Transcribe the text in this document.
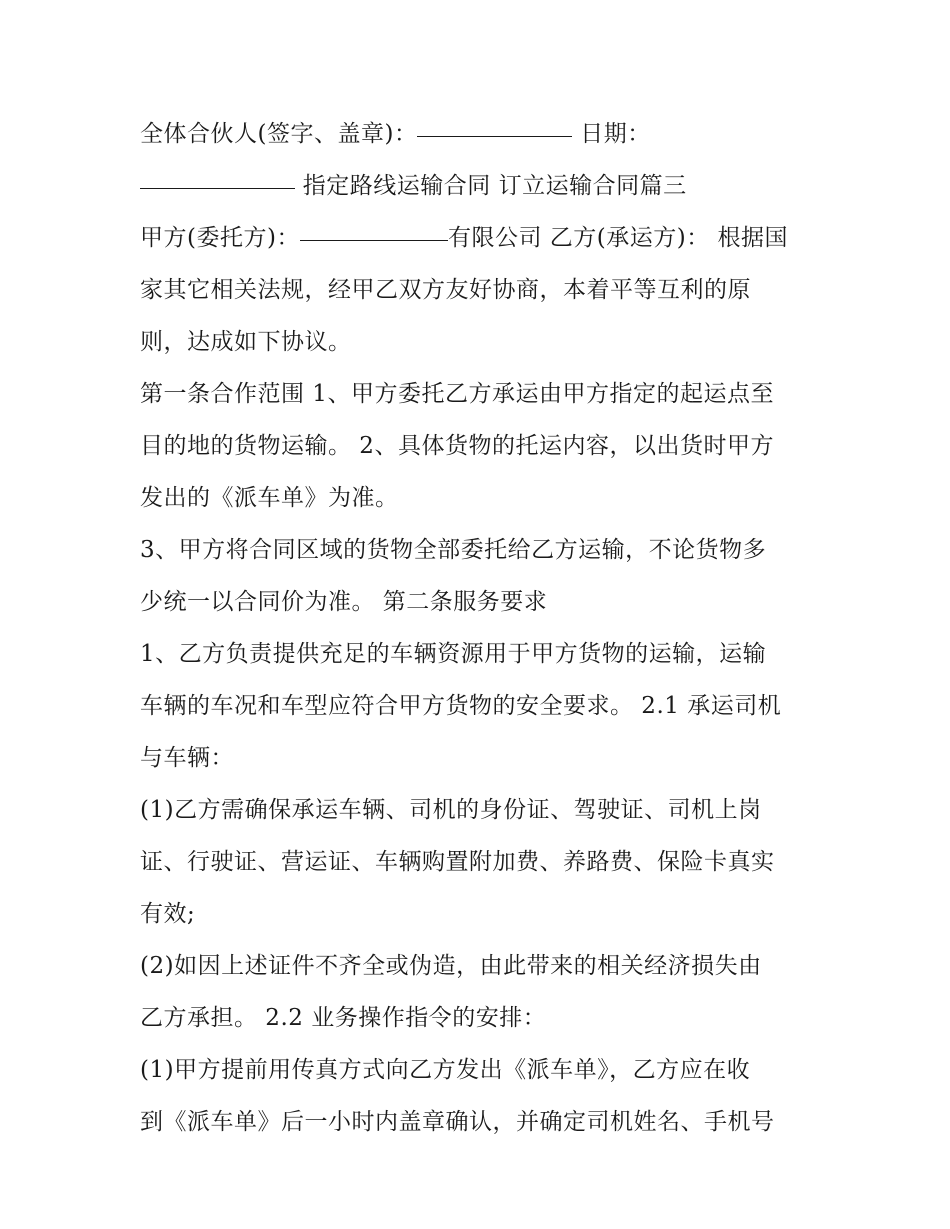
全体合伙人(签字、盖章)：	日期：
指定路线运输合同 订立运输合同篇三
甲方(委托方)：	有限公司 乙方(承运方)： 根据国
家其它相关法规，经甲乙双方友好协商，本着平等互利的原
则，达成如下协议。
第一条合作范围 1、甲方委托乙方承运由甲方指定的起运点至
目的地的货物运输。 2、具体货物的托运内容，以出货时甲方
发出的《派车单》为准。
3、甲方将合同区域的货物全部委托给乙方运输，不论货物多
少统一以合同价为准。 第二条服务要求
1、乙方负责提供充足的车辆资源用于甲方货物的运输，运输
车辆的车况和车型应符合甲方货物的安全要求。 2.1 承运司机
与车辆：
(1)乙方需确保承运车辆、司机的身份证、驾驶证、司机上岗
证、行驶证、营运证、车辆购置附加费、养路费、保险卡真实
有效;
(2)如因上述证件不齐全或伪造，由此带来的相关经济损失由
乙方承担。 2.2 业务操作指令的安排：
(1)甲方提前用传真方式向乙方发出《派车单》，乙方应在收
到《派车单》后一小时内盖章确认，并确定司机姓名、手机号
